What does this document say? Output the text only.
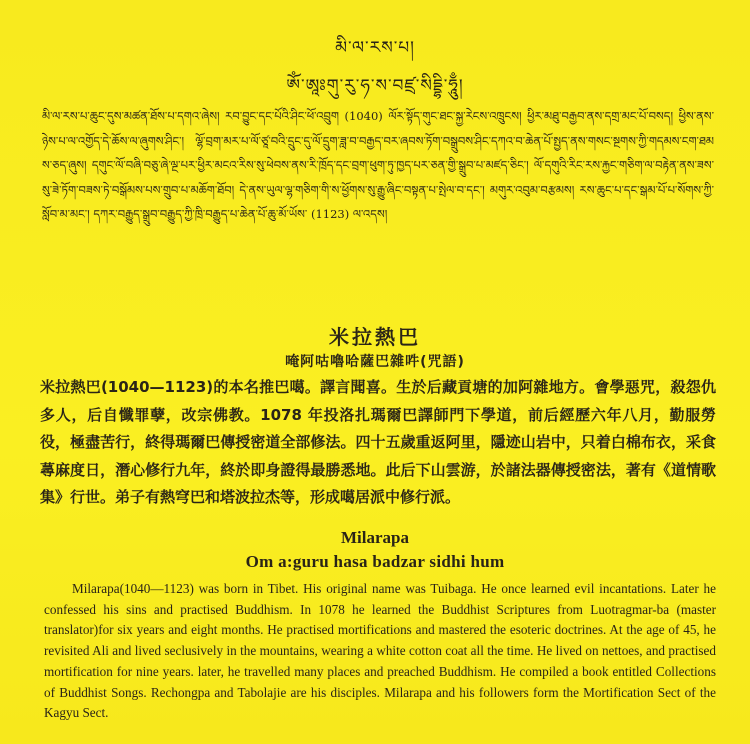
མི་ལ་རས་པ།
ཨོཾ་ཨཱཿགུ་རུ་ཧ་ས་བཛྲ་སིདྡྷི་ཧཱུྃ།
མི་ལ་རས་པ་ཆུང་དུས་མཚན་ཐོས་པ་དགའ་ཞེས། རབ་བྱུང་དང་པོའི་ཤིང་ཕོ་འབྲུག (1040) ལོར་སྟོད་གུང་ཐང་སྐྱ་རེངས་འཁྲུངས། ཕྱིར་མཐུ་བརྒྱབ་ནས་དགྲ་མང་པོ་བསད། ཕྱིས་ནས་ཉེས་པ་ལ་འགྱོད་དེ་ཆོས་ལ་ཞུགས་ཤིང་། ལྷོ་བྲག་མར་པ་ལོ་ཙཱ་བའི་དྲུང་དུ་ལོ་དྲུག་ཟླ་བ་བརྒྱད་བར་ཞབས་ཏོག་བསྒྲུབས་ཤིང་དཀའ་བ་ཆེན་པོ་སྤྱད་ནས་གསང་སྔགས་ཀྱི་གདམས་ངག་ཐམས་ཅད་ཞུས། དགུང་ལོ་བཞི་བཅུ་ཞེ་ལྔ་པར་ཕྱིར་མངའ་རིས་སུ་ཕེབས་ནས་རི་ཁྲོད་དང་བྲག་ཕུག་ཏུ་ཁྱད་པར་ཅན་གྱི་སྒྲུབ་པ་མཛད་ཅིང་། ལོ་དགུའི་རིང་རས་རྐྱང་གཅིག་ལ་བརྟེན་ནས་ཟས་སུ་ཟེ་ཏོག་བཟས་ཏེ་བསྒོམས་པས་གྲུབ་པ་མཆོག་ཐོབ། དེ་ནས་ཡུལ་ལྷ་གཅིག་གི་ས་ཕྱོགས་སུ་རྒྱུ་ཞིང་བསྟན་པ་སྤེལ་བ་དང་། མགུར་འབུམ་བརྩམས། རས་ཆུང་པ་དང་སྒམ་པོ་པ་སོགས་ཀྱི་སློབ་མ་མང་། དཀར་བརྒྱུད་སྒྲུབ་བརྒྱུད་ཀྱི་ཁྲི་བརྒྱུད་པ་ཆེན་པོ་ཆུ་མོ་ཡོས་ (1123) ལ་འདས།
米拉熱巴
唵阿咕嚕哈薩巴雜吽(咒語)
米拉熱巴(1040—1123)的本名推巴噶。譯言聞喜。生於后藏貢塘的加阿雜地方。會學惡咒，殺怨仇多人，后自懺罪孽，改宗佛教。1078 年投洛扎瑪爾巴譯師門下學道，前后經歷六年八月，勤服勞役，極盡苦行，終得瑪爾巴傳授密道全部修法。四十五歲重返阿里，隱迹山岩中，只着白棉布衣，采食蕁麻度日，潛心修行九年，終於即身證得最勝悉地。此后下山雲游，於諸法器傳授密法，著有《道情歌集》行世。弟子有熱穹巴和塔波拉杰等，形成噶居派中修行派。
Milarapa
Om a:guru hasa badzar sidhi hum
Milarapa(1040—1123) was born in Tibet. His original name was Tuibaga. He once learned evil incantations. Later he confessed his sins and practised Buddhism. In 1078 he learned the Buddhist Scriptures from Luotragmar-ba (master translator)for six years and eight months. He practised mortifications and mastered the esoteric doctrines. At the age of 45, he revisited Ali and lived seclusively in the mountains, wearing a white cotton coat all the time. He lived on nettoes, and practised mortification for nine years. later, he travelled many places and preached Buddhism. He compiled a book entitled Collections of Buddhist Songs. Rechongpa and Tabolajie are his disciples. Milarapa and his followers form the Mortification Sect of the Kagyu Sect.
